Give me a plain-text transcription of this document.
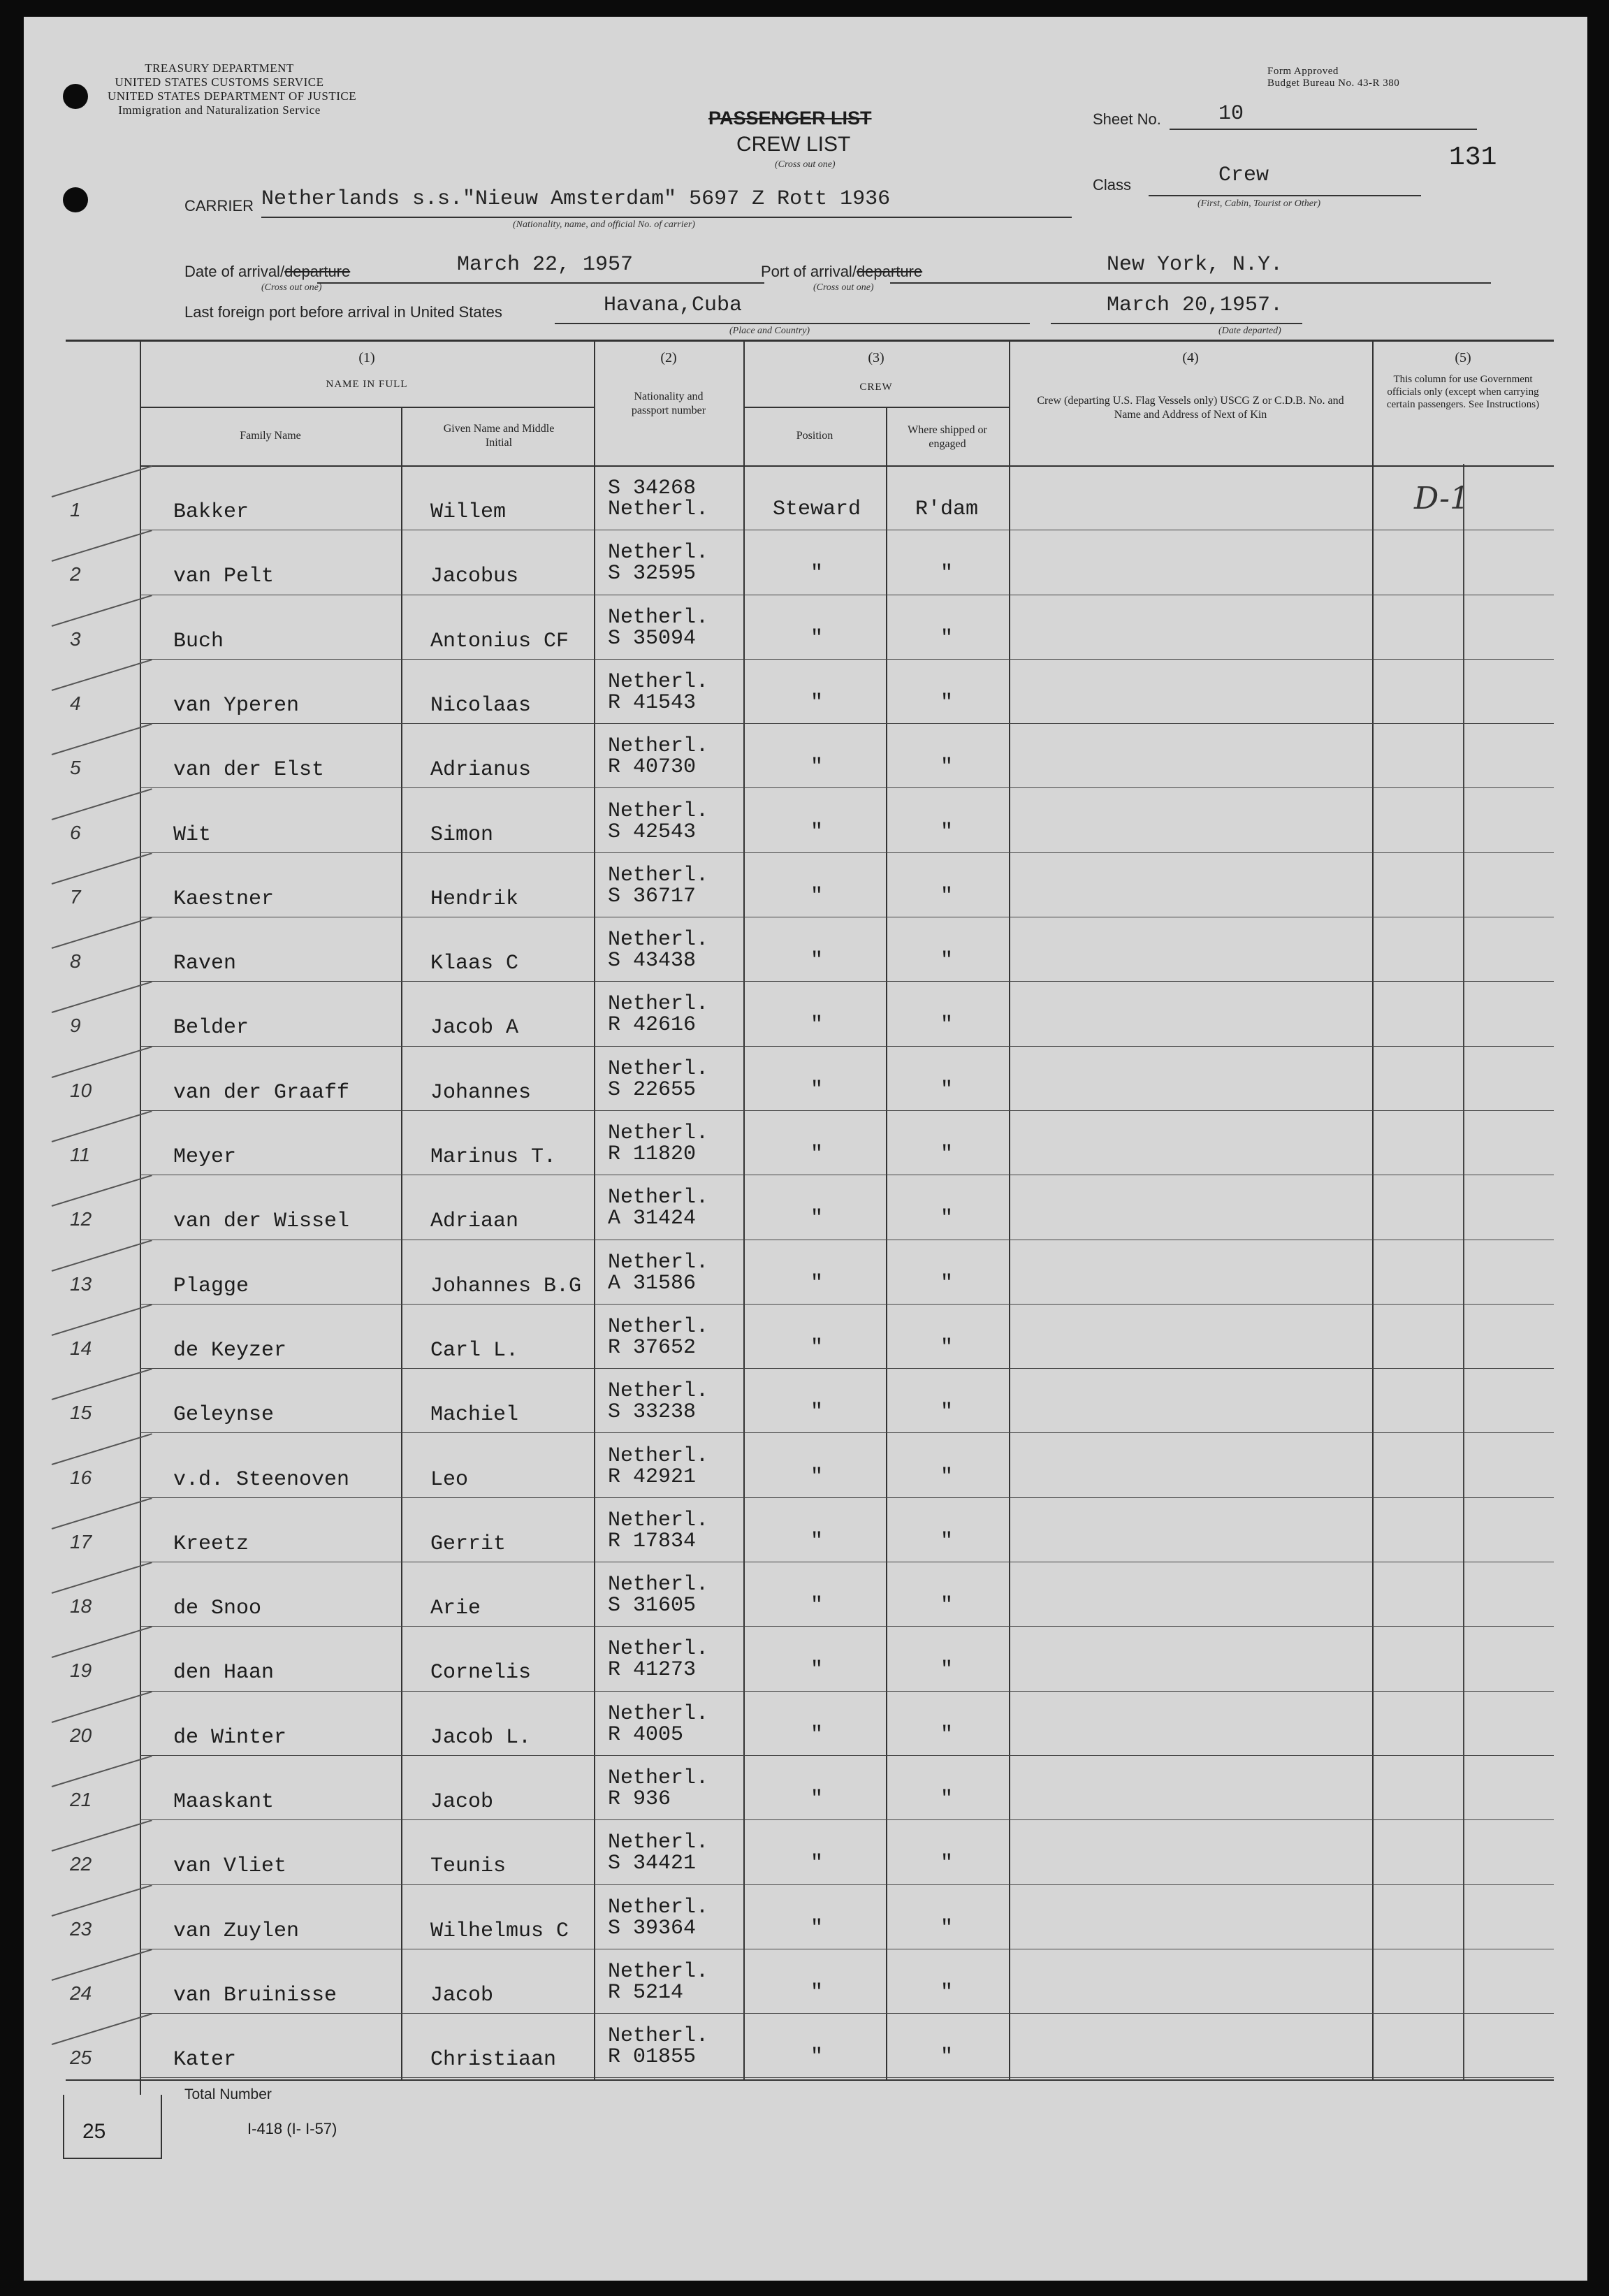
TREASURY DEPARTMENT
UNITED STATES CUSTOMS SERVICE
UNITED STATES DEPARTMENT OF JUSTICE
Immigration and Naturalization Service
Form Approved
Budget Bureau No. 43-R 380
PASSENGER LIST
CREW LIST
(Cross out one)
Sheet No.	10
131
Class	Crew
(First, Cabin, Tourist or Other)
CARRIER Netherlands s.s."Nieuw Amsterdam" 5697 Z Rott 1936
(Nationality, name, and official No. of carrier)
Date of arrival/departure	March 22, 1957
(Cross out one)
Port of arrival/departure	New York, N.Y.
(Cross out one)
Last foreign port before arrival in United States	Havana,Cuba
(Place and Country)
March 20,1957.
(Date departed)
(1)
NAME IN FULL
Family Name
Given Name and Middle Initial
(2)
Nationality and passport number
(3)
CREW
Position	Where shipped or engaged
(4)
Crew (departing U.S. Flag Vessels only) USCG Z or C.D.B. No. and Name and Address of Next of Kin
(5)
This column for use Government officials only (except when carrying certain passengers. See Instructions)
1	Bakker	Willem
S 34268
Netherl.	Steward	R'dam	D-1
2	van Pelt	Jacobus
Netherl.
S 32595	"	"
3	Buch	Antonius CF
Netherl.
S 35094	"	"
4	van Yperen	Nicolaas
Netherl.
R 41543	"	"
5	van der Elst	Adrianus
Netherl.
R 40730	"	"
6	Wit	Simon
Netherl.
S 42543	"	"
7	Kaestner	Hendrik
Netherl.
S 36717	"	"
8	Raven	Klaas C
Netherl.
S 43438	"	"
9	Belder	Jacob A
Netherl.
R 42616	"	"
10	van der Graaff	Johannes
Netherl.
S 22655	"	"
11	Meyer	Marinus T.
Netherl.
R 11820	"	"
12	van der Wissel	Adriaan
Netherl.
A 31424	"	"
13	Plagge	Johannes B.G
Netherl.
A 31586	"	"
14	de Keyzer	Carl L.
Netherl.
R 37652	"	"
15	Geleynse	Machiel
Netherl.
S 33238	"	"
16	v.d. Steenoven	Leo
Netherl.
R 42921	"	"
17	Kreetz	Gerrit
Netherl.
R 17834	"	"
18	de Snoo	Arie
Netherl.
S 31605	"	"
19	den Haan	Cornelis
Netherl.
R 41273	"	"
20	de Winter	Jacob L.
Netherl.
R 4005	"	"
21	Maaskant	Jacob
Netherl.
R 936	"	"
22	van Vliet	Teunis
Netherl.
S 34421	"	"
23	van Zuylen	Wilhelmus C
Netherl.
S 39364	"	"
24	van Bruinisse	Jacob
Netherl.
R 5214	"	"
25	Kater	Christiaan
Netherl.
R 01855	"	"
Total Number
25	I-418 (I- I-57)
